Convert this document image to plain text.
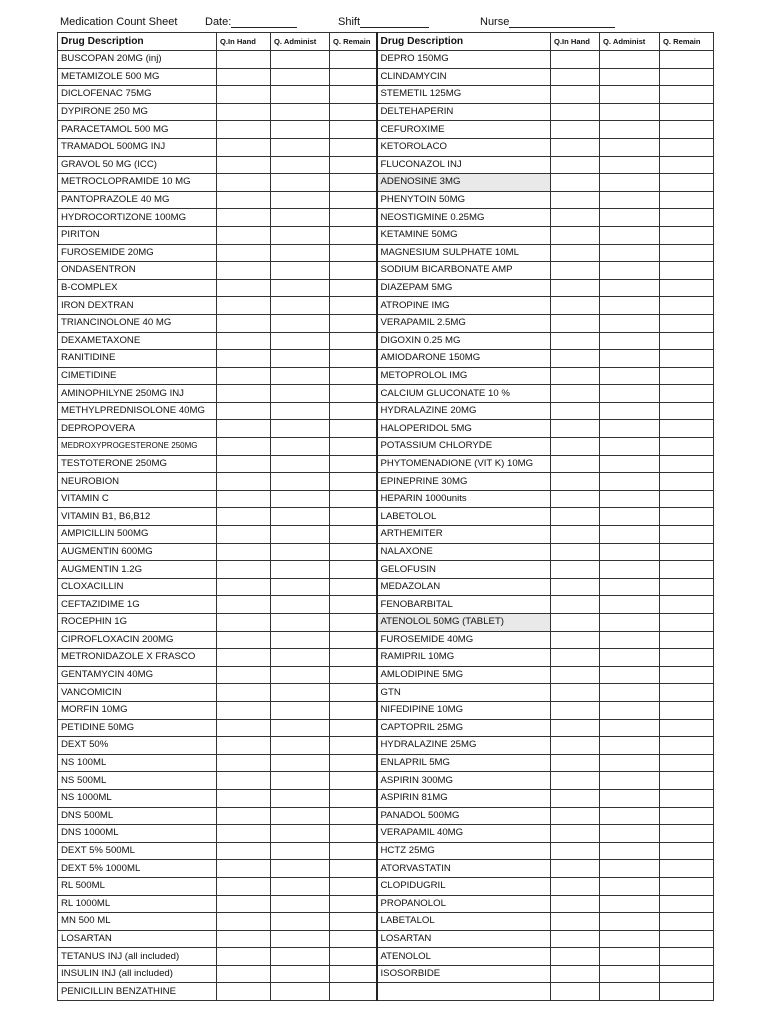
Medication Count Sheet	Date:	Shift	Nurse
Drug Description	Q.In Hand	Q. Administ	Q. Remain	Drug Description	Q.In Hand	Q. Administ	Q. Remain
BUSCOPAN 20MG (inj)				DEPRO 150MG			
METAMIZOLE 500 MG				CLINDAMYCIN			
DICLOFENAC 75MG				STEMETIL 125MG			
DYPIRONE 250 MG				DELTEHAPERIN			
PARACETAMOL 500 MG				CEFUROXIME			
TRAMADOL 500MG INJ				KETOROLACO			
GRAVOL 50 MG (ICC)				FLUCONAZOL INJ			
METROCLOPRAMIDE 10 MG				ADENOSINE 3MG			
PANTOPRAZOLE 40 MG				PHENYTOIN 50MG			
HYDROCORTIZONE 100MG				NEOSTIGMINE 0.25MG			
PIRITON				KETAMINE 50MG			
FUROSEMIDE 20MG				MAGNESIUM SULPHATE 10ML			
ONDASENTRON				SODIUM BICARBONATE AMP			
B-COMPLEX				DIAZEPAM 5MG			
IRON DEXTRAN				ATROPINE IMG			
TRIANCINOLONE 40 MG				VERAPAMIL 2.5MG			
DEXAMETAXONE				DIGOXIN 0.25 MG			
RANITIDINE				AMIODARONE 150MG			
CIMETIDINE				METOPROLOL IMG			
AMINOPHILYNE 250MG INJ				CALCIUM GLUCONATE 10 %			
METHYLPREDNISOLONE 40MG				HYDRALAZINE 20MG			
DEPROPOVERA				HALOPERIDOL 5MG			
MEDROXYPROGESTERONE 250MG				POTASSIUM CHLORYDE			
TESTOTERONE 250MG				PHYTOMENADIONE (VIT K) 10MG			
NEUROBION				EPINEPRINE 30MG			
VITAMIN C				HEPARIN 1000units			
VITAMIN B1, B6,B12				LABETOLOL			
AMPICILLIN 500MG				ARTHEMITER			
AUGMENTIN 600MG				NALAXONE			
AUGMENTIN 1.2G				GELOFUSIN			
CLOXACILLIN				MEDAZOLAN			
CEFTAZIDIME 1G				FENOBARBITAL			
ROCEPHIN 1G				ATENOLOL 50MG (TABLET)			
CIPROFLOXACIN 200MG				FUROSEMIDE 40MG			
METRONIDAZOLE X FRASCO				RAMIPRIL 10MG			
GENTAMYCIN 40MG				AMLODIPINE 5MG			
VANCOMICIN				GTN			
MORFIN 10MG				NIFEDIPINE 10MG			
PETIDINE 50MG				CAPTOPRIL 25MG			
DEXT 50%				HYDRALAZINE 25MG			
NS 100ML				ENLAPRIL 5MG			
NS 500ML				ASPIRIN 300MG			
NS 1000ML				ASPIRIN 81MG			
DNS 500ML				PANADOL 500MG			
DNS 1000ML				VERAPAMIL 40MG			
DEXT 5% 500ML				HCTZ 25MG			
DEXT 5% 1000ML				ATORVASTATIN			
RL 500ML				CLOPIDUGRIL			
RL 1000ML				PROPANOLOL			
MN 500 ML				LABETALOL			
LOSARTAN				LOSARTAN			
TETANUS INJ (all included)				ATENOLOL			
INSULIN INJ (all included)				ISOSORBIDE			
PENICILLIN BENZATHINE							
